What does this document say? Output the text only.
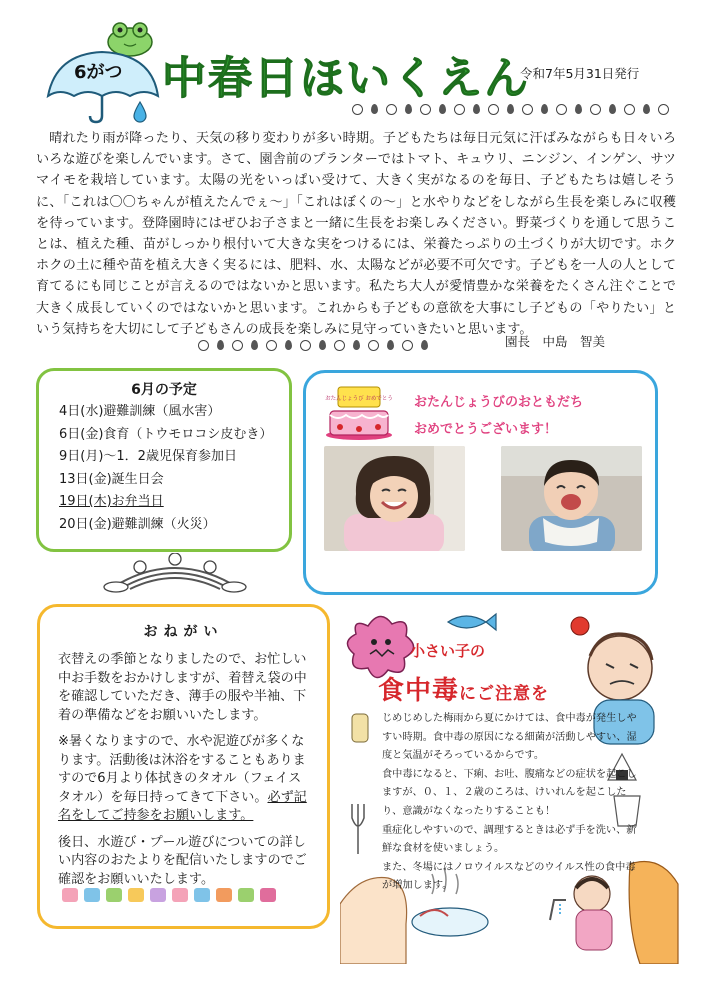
6がつ 中春日ほいくえん
令和7年5月31日発行
晴れたり雨が降ったり、天気の移り変わりが多い時期。子どもたちは毎日元気に汗ばみながらも日々いろいろな遊びを楽しんでいます。さて、園舎前のプランターではトマト、キュウリ、ニンジン、インゲン、サツマイモを栽培しています。太陽の光をいっぱい受けて、大きく実がなるのを毎日、子どもたちは嬉しそうに、「これは〇〇ちゃんが植えたんでぇ～」「これはぼくの～」と水やりなどをしながら生長を楽しみに収穫を待っています。登降園時にはぜひお子さまと一緒に生長をお楽しみください。野菜づくりを通して思うことは、植えた種、苗がしっかり根付いて大きな実をつけるには、栄養たっぷりの土づくりが大切です。ホクホクの土に種や苗を植え大きく実るには、肥料、水、太陽などが必要不可欠です。子どもを一人の人として育てるにも同じことが言えるのではないかと思います。私たち大人が愛情豊かな栄養をたくさん注ぐことで大きく成長していくのではないかと思います。これからも子どもの意欲を大事にし子どもの「やりたい」という気持ちを大切にして子どもさんの成長を楽しみに見守っていきたいと思います。
園長　中島　智美
6月の予定
4日(水)避難訓練（風水害）
6日(金)食育（トウモロコシ皮むき）
9日(月)～1．2歳児保育参加日
13日(金)誕生日会
19日(木)お弁当日
20日(金)避難訓練（火災）
おたんじょうび おめでとう おたんじょうびのおともだち
おめでとうございます！
おねがい

衣替えの季節となりましたので、お忙しい中お手数をおかけしますが、着替え袋の中を確認していただき、薄手の服や半袖、下着の準備などをお願いいたします。

※暑くなりますので、水や泥遊びが多くなります。活動後は沐浴をすることもありますので6月より体拭きのタオル（フェイスタオル）を毎日持ってきて下さい。必ず記名をしてご持参をお願いします。

後日、水遊び・プール遊びについての詳しい内容のおたよりを配信いたしますのでご確認をお願いいたします。

小さい子の
食中毒にご注意を

じめじめした梅雨から夏にかけては、食中毒が発生しやすい時期。食中毒の原因になる細菌が活動しやすい、湿度と気温がそろっているからです。

食中毒になると、下痢、お吐、腹痛などの症状を起こしますが、０、１、２歳のころは、けいれんを起こしたり、意識がなくなったりすることも！

重症化しやすいので、調理するときは必ず手を洗い、新鮮な食材を使いましょう。

また、冬場にはノロウイルスなどのウイルス性の食中毒が増加します。
